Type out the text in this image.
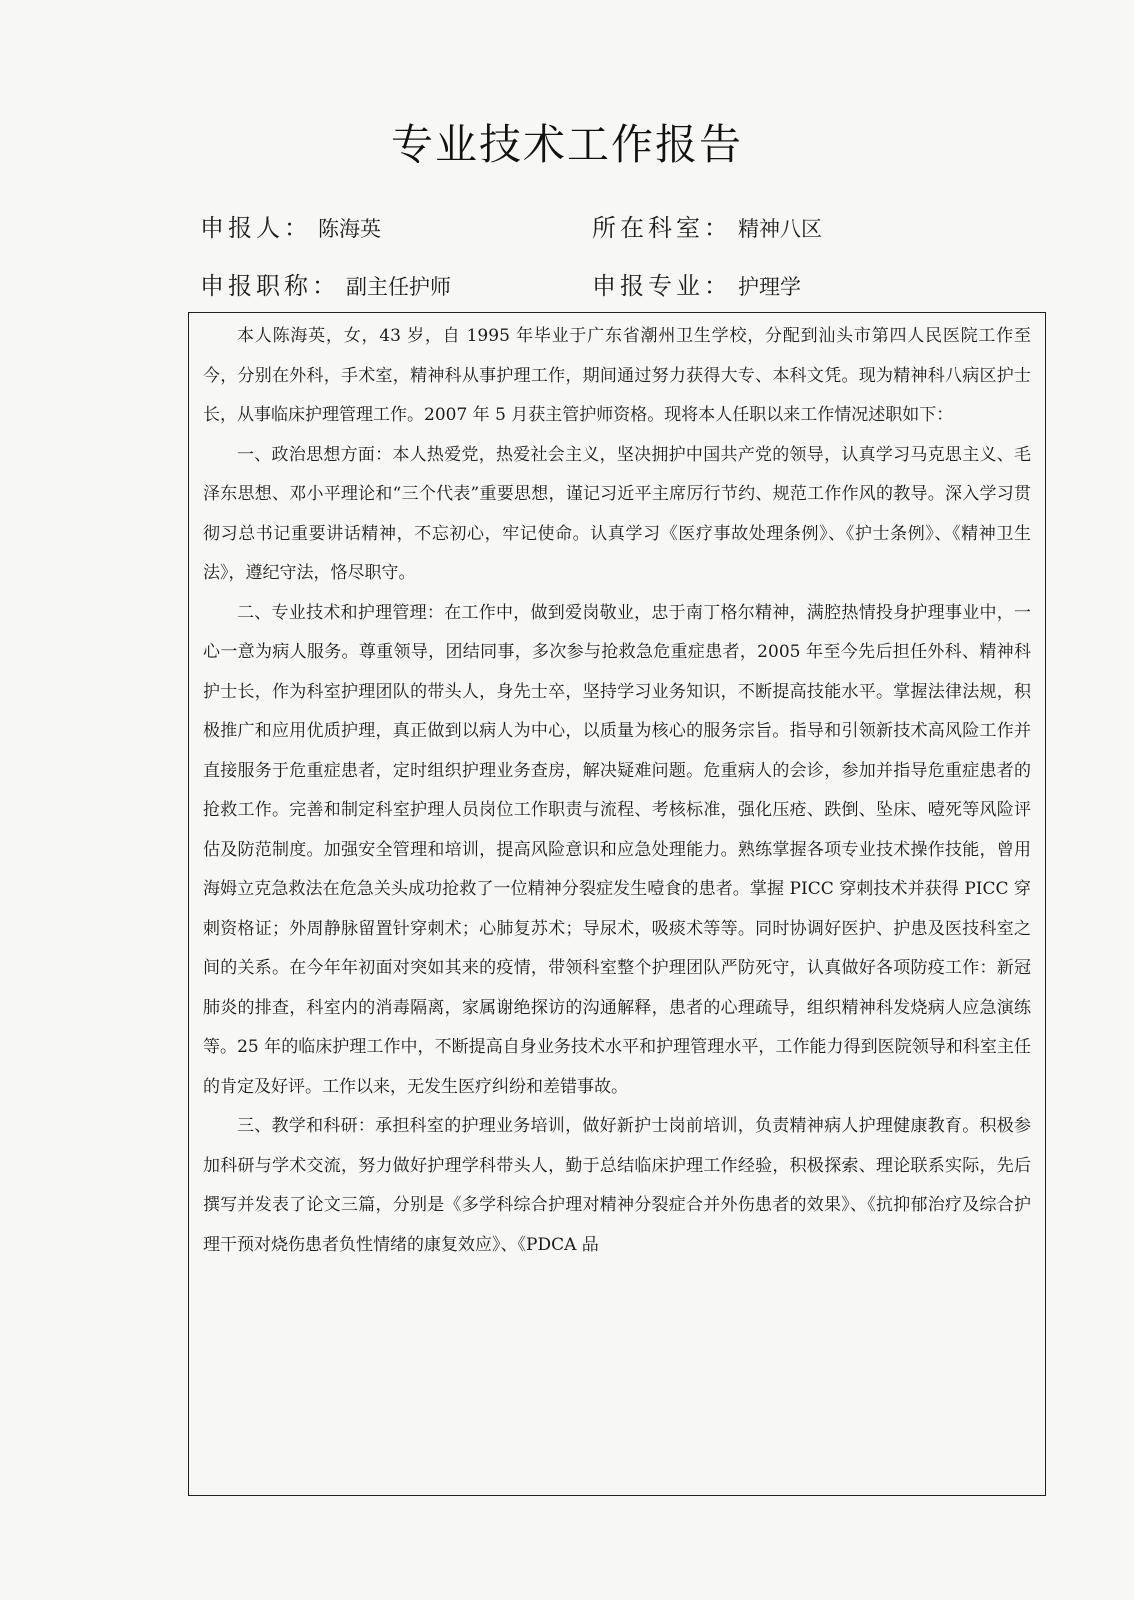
专业技术工作报告
申报人： 陈海英	所在科室： 精神八区
申报职称： 副主任护师	申报专业： 护理学

本人陈海英，女，43 岁，自 1995 年毕业于广东省潮州卫生学校，分配到汕头市第四人民医院工作至今，分别在外科，手术室，精神科从事护理工作，期间通过努力获得大专、本科文凭。现为精神科八病区护士长，从事临床护理管理工作。2007 年 5 月获主管护师资格。现将本人任职以来工作情况述职如下：

一、政治思想方面：本人热爱党，热爱社会主义，坚决拥护中国共产党的领导，认真学习马克思主义、毛泽东思想、邓小平理论和“三个代表”重要思想，谨记习近平主席厉行节约、规范工作作风的教导。深入学习贯彻习总书记重要讲话精神，不忘初心，牢记使命。认真学习《医疗事故处理条例》、《护士条例》、《精神卫生法》，遵纪守法，恪尽职守。

二、专业技术和护理管理：在工作中，做到爱岗敬业，忠于南丁格尔精神，满腔热情投身护理事业中，一心一意为病人服务。尊重领导，团结同事，多次参与抢救急危重症患者，2005 年至今先后担任外科、精神科护士长，作为科室护理团队的带头人，身先士卒，坚持学习业务知识，不断提高技能水平。掌握法律法规，积极推广和应用优质护理，真正做到以病人为中心，以质量为核心的服务宗旨。指导和引领新技术高风险工作并直接服务于危重症患者，定时组织护理业务查房，解决疑难问题。危重病人的会诊，参加并指导危重症患者的抢救工作。完善和制定科室护理人员岗位工作职责与流程、考核标准，强化压疮、跌倒、坠床、噎死等风险评估及防范制度。加强安全管理和培训，提高风险意识和应急处理能力。熟练掌握各项专业技术操作技能，曾用海姆立克急救法在危急关头成功抢救了一位精神分裂症发生噎食的患者。掌握 PICC 穿刺技术并获得 PICC 穿刺资格证；外周静脉留置针穿刺术；心肺复苏术；导尿术，吸痰术等等。同时协调好医护、护患及医技科室之间的关系。在今年年初面对突如其来的疫情，带领科室整个护理团队严防死守，认真做好各项防疫工作：新冠肺炎的排查，科室内的消毒隔离，家属谢绝探访的沟通解释，患者的心理疏导，组织精神科发烧病人应急演练等。25 年的临床护理工作中，不断提高自身业务技术水平和护理管理水平，工作能力得到医院领导和科室主任的肯定及好评。工作以来，无发生医疗纠纷和差错事故。

三、教学和科研：承担科室的护理业务培训，做好新护士岗前培训，负责精神病人护理健康教育。积极参加科研与学术交流，努力做好护理学科带头人，勤于总结临床护理工作经验，积极探索、理论联系实际，先后撰写并发表了论文三篇，分别是《多学科综合护理对精神分裂症合并外伤患者的效果》、《抗抑郁治疗及综合护理干预对烧伤患者负性情绪的康复效应》、《PDCA 品
